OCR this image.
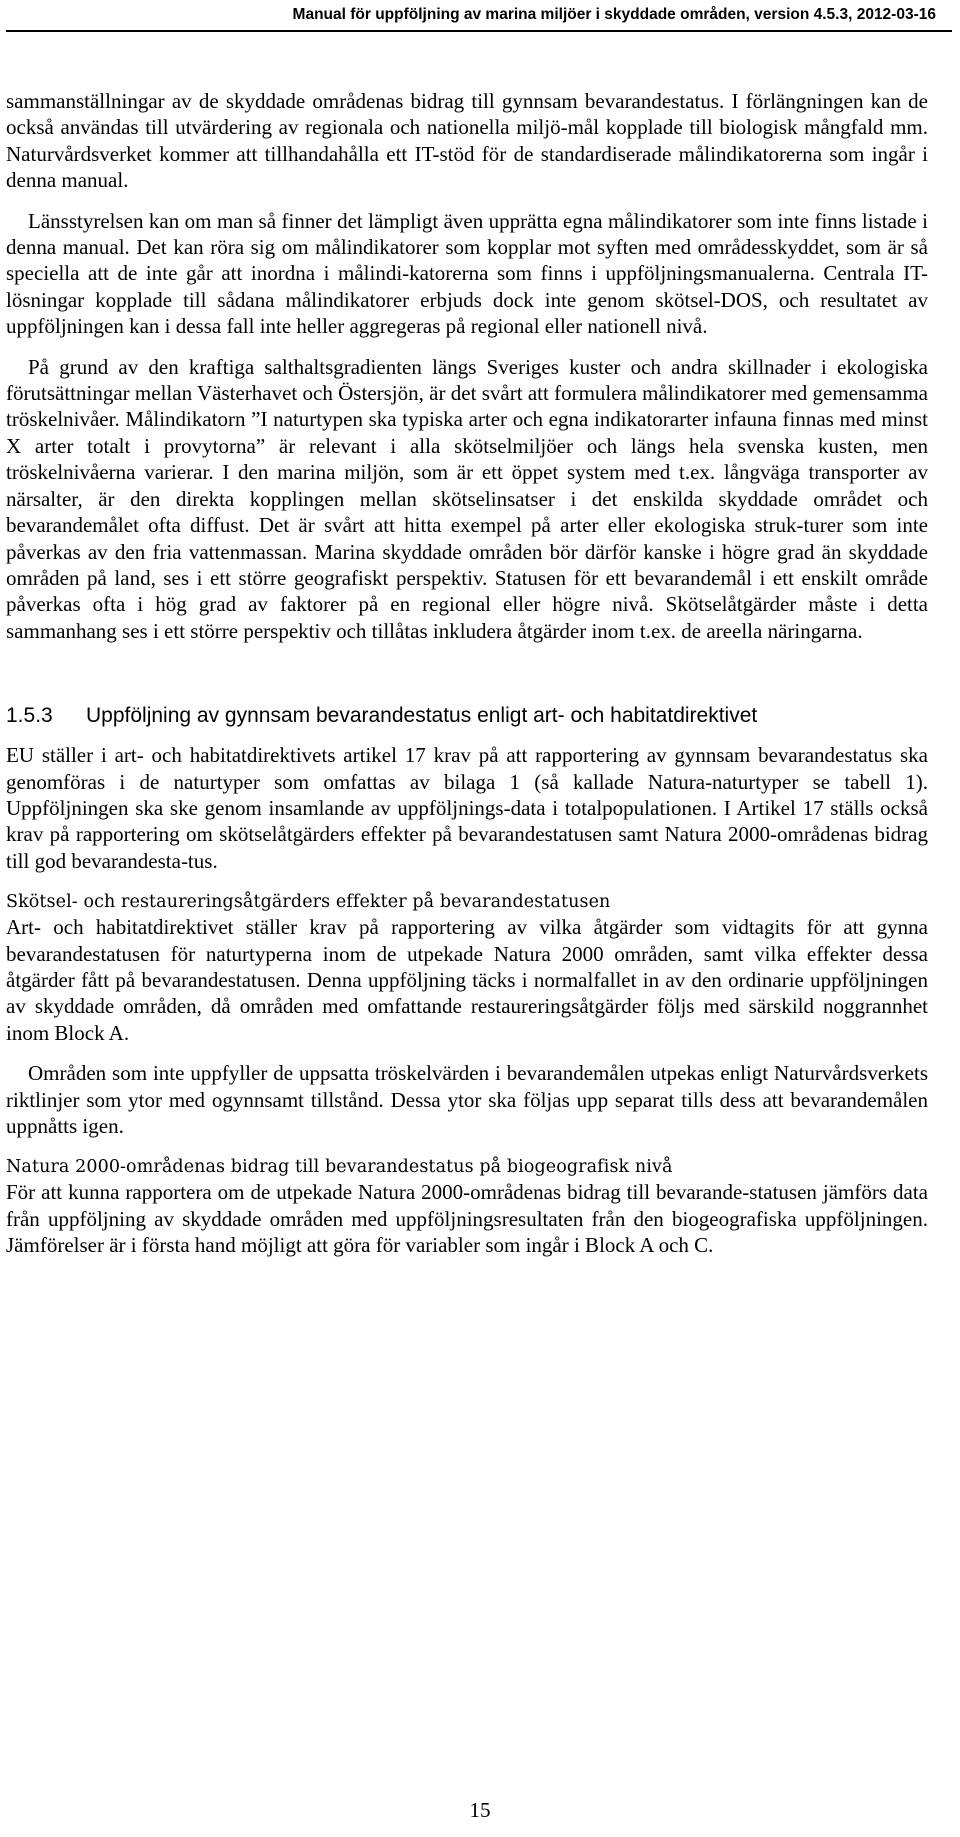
Manual för uppföljning av marina miljöer i skyddade områden, version 4.5.3, 2012-03-16

sammanställningar av de skyddade områdenas bidrag till gynnsam bevarandestatus. I förlängningen kan de också användas till utvärdering av regionala och nationella miljö-mål kopplade till biologisk mångfald mm. Naturvårdsverket kommer att tillhandahålla ett IT-stöd för de standardiserade målindikatorerna som ingår i denna manual.

Länsstyrelsen kan om man så finner det lämpligt även upprätta egna målindikatorer som inte finns listade i denna manual. Det kan röra sig om målindikatorer som kopplar mot syften med områdesskyddet, som är så speciella att de inte går att inordna i målindi-katorerna som finns i uppföljningsmanualerna. Centrala IT-lösningar kopplade till sådana målindikatorer erbjuds dock inte genom skötsel-DOS, och resultatet av uppföljningen kan i dessa fall inte heller aggregeras på regional eller nationell nivå.

På grund av den kraftiga salthaltsgradienten längs Sveriges kuster och andra skillnader i ekologiska förutsättningar mellan Västerhavet och Östersjön, är det svårt att formulera målindikatorer med gemensamma tröskelnivåer. Målindikatorn ”I naturtypen ska typiska arter och egna indikatorarter infauna finnas med minst X arter totalt i provytorna” är relevant i alla skötselmiljöer och längs hela svenska kusten, men tröskelnivåerna varierar. I den marina miljön, som är ett öppet system med t.ex. långväga transporter av närsalter, är den direkta kopplingen mellan skötselinsatser i det enskilda skyddade området och bevarandemålet ofta diffust. Det är svårt att hitta exempel på arter eller ekologiska struk-turer som inte påverkas av den fria vattenmassan. Marina skyddade områden bör därför kanske i högre grad än skyddade områden på land, ses i ett större geografiskt perspektiv. Statusen för ett bevarandemål i ett enskilt område påverkas ofta i hög grad av faktorer på en regional eller högre nivå. Skötselåtgärder måste i detta sammanhang ses i ett större perspektiv och tillåtas inkludera åtgärder inom t.ex. de areella näringarna.

1.5.3 Uppföljning av gynnsam bevarandestatus enligt art- och habitatdirektivet

EU ställer i art- och habitatdirektivets artikel 17 krav på att rapportering av gynnsam bevarandestatus ska genomföras i de naturtyper som omfattas av bilaga 1 (så kallade Natura-naturtyper se tabell 1). Uppföljningen ska ske genom insamlande av uppföljnings-data i totalpopulationen. I Artikel 17 ställs också krav på rapportering om skötselåtgärders effekter på bevarandestatusen samt Natura 2000-områdenas bidrag till god bevarandesta-tus.

Skötsel- och restaureringsåtgärders effekter på bevarandestatusen

Art- och habitatdirektivet ställer krav på rapportering av vilka åtgärder som vidtagits för att gynna bevarandestatusen för naturtyperna inom de utpekade Natura 2000 områden, samt vilka effekter dessa åtgärder fått på bevarandestatusen. Denna uppföljning täcks i normalfallet in av den ordinarie uppföljningen av skyddade områden, då områden med omfattande restaureringsåtgärder följs med särskild noggrannhet inom Block A.

Områden som inte uppfyller de uppsatta tröskelvärden i bevarandemålen utpekas enligt Naturvårdsverkets riktlinjer som ytor med ogynnsamt tillstånd. Dessa ytor ska följas upp separat tills dess att bevarandemålen uppnåtts igen.

Natura 2000-områdenas bidrag till bevarandestatus på biogeografisk nivå

För att kunna rapportera om de utpekade Natura 2000-områdenas bidrag till bevarande-statusen jämförs data från uppföljning av skyddade områden med uppföljningsresultaten från den biogeografiska uppföljningen. Jämförelser är i första hand möjligt att göra för variabler som ingår i Block A och C.

15
